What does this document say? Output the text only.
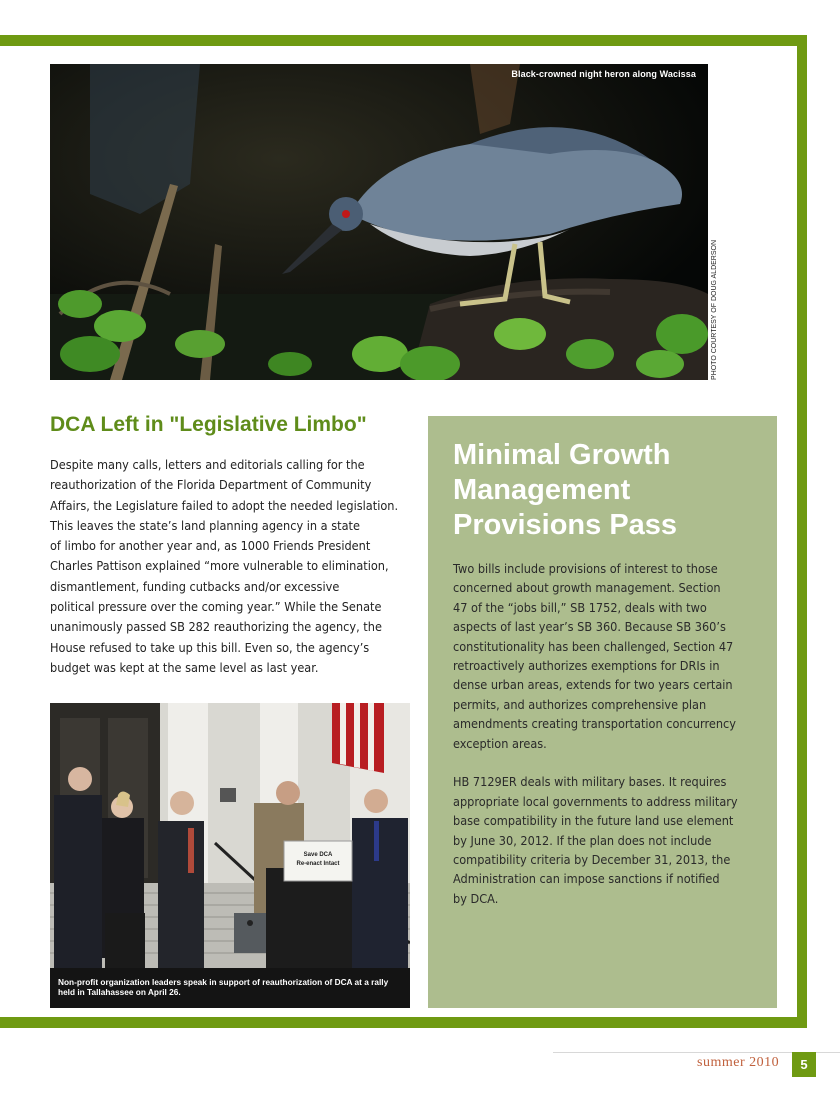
Black-crowned night heron along Wacissa
PHOTO COURTESY OF DOUG ALDERSON
DCA Left in "Legislative Limbo"
Despite many calls, letters and editorials calling for the
reauthorization of the Florida Department of Community
Affairs, the Legislature failed to adopt the needed legislation.
This leaves the state’s land planning agency in a state
of limbo for another year and, as 1000 Friends President
Charles Pattison explained “more vulnerable to elimination,
dismantlement, funding cutbacks and/or excessive
political pressure over the coming year.” While the Senate
unanimously passed SB 282 reauthorizing the agency, the
House refused to take up this bill. Even so, the agency’s
budget was kept at the same level as last year.
Save DCA
Re-enact Intact
Non-profit organization leaders speak in support of reauthorization of DCA at a rally
held in Tallahassee on April 26.
Minimal Growth
Management
Provisions Pass
Two bills include provisions of interest to those
concerned about growth management. Section
47 of the “jobs bill,” SB 1752, deals with two
aspects of last year’s SB 360. Because SB 360’s
constitutionality has been challenged, Section 47
retroactively authorizes exemptions for DRIs in
dense urban areas, extends for two years certain
permits, and authorizes comprehensive plan
amendments creating transportation concurrency
exception areas.
HB 7129ER deals with military bases. It requires
appropriate local governments to address military
base compatibility in the future land use element
by June 30, 2012. If the plan does not include
compatibility criteria by December 31, 2013, the
Administration can impose sanctions if notified
by DCA.
summer 2010	5
